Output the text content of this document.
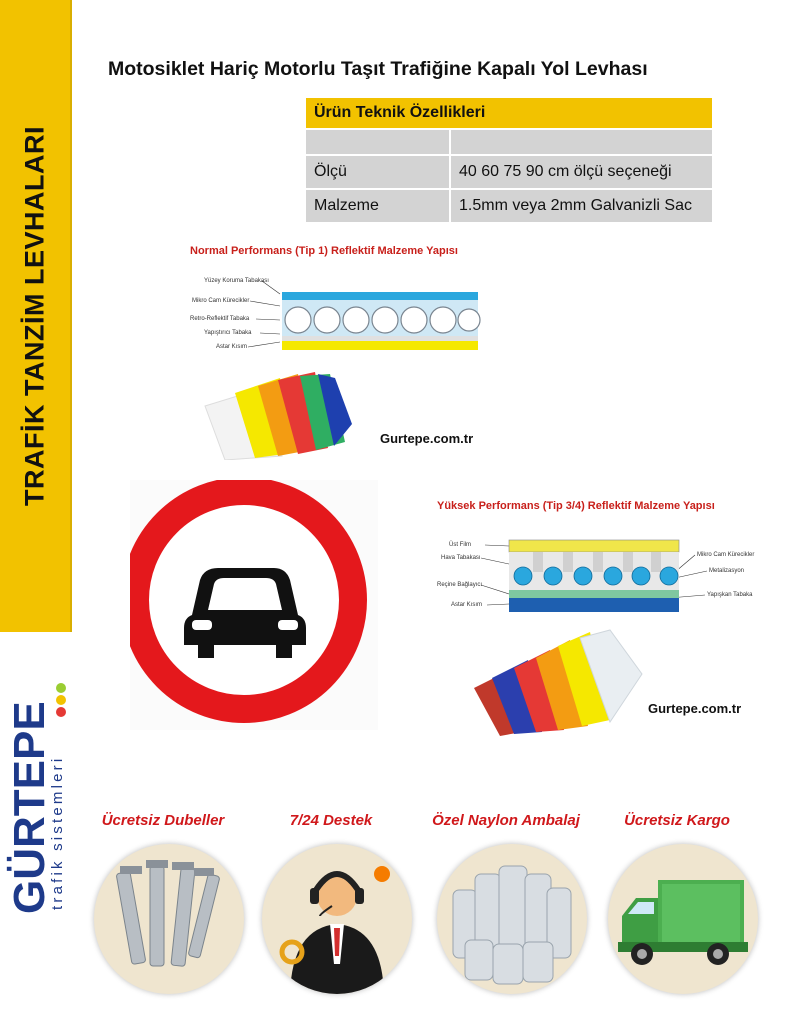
TRAFİK TANZİM LEVHALARI
GÜRTEPE
trafik sistemleri
Motosiklet Hariç Motorlu Taşıt Trafiğine Kapalı Yol Levhası
Ürün Teknik Özellikleri	

Ölçü	40 60 75 90 cm ölçü seçeneği
Malzeme	1.5mm veya 2mm Galvanizli Sac
Normal Performans (Tip 1) Reflektif Malzeme Yapısı
Yüzey Koruma Tabakası
Mikro Cam Kürecikler
Retro-Reflektif Tabaka
Yapıştırıcı Tabaka
Astar Kısım
Gurtepe.com.tr
Yüksek Performans (Tip 3/4) Reflektif Malzeme Yapısı
Üst Film
Hava Tabakası
Reçine Bağlayıcı
Astar Kısım
Mikro Cam Kürecikler
Metalizasyon
Yapışkan Tabaka
Gurtepe.com.tr
Ücretsiz Dubeller	7/24 Destek	Özel Naylon Ambalaj	Ücretsiz Kargo
